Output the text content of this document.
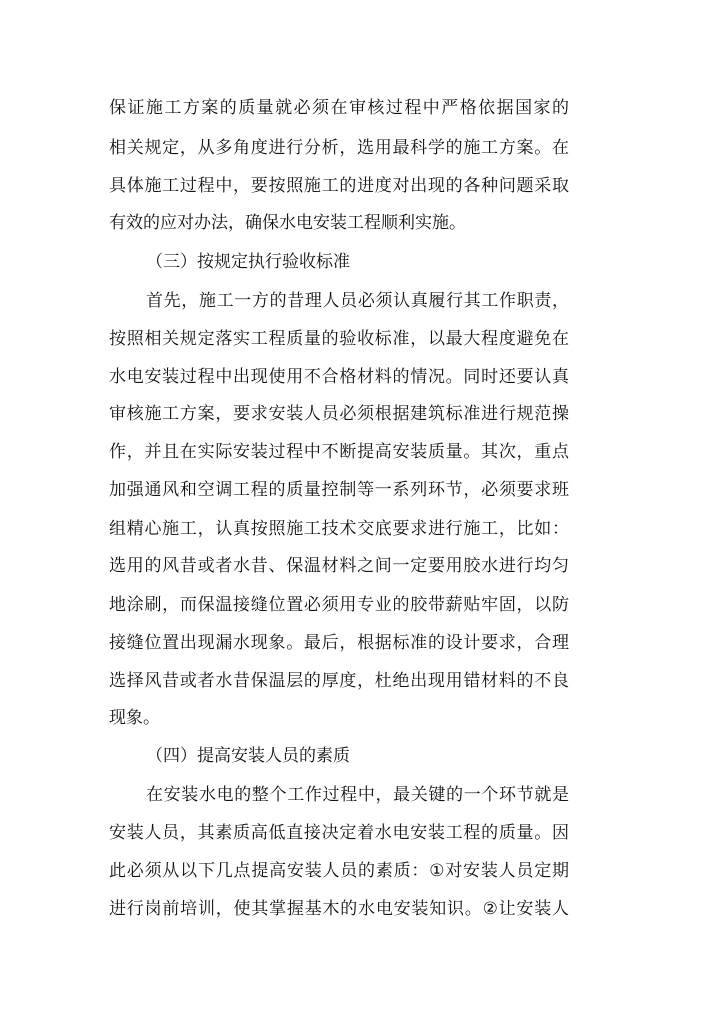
保证施工方案的质量就必须在审核过程中严格依据国家的
相关规定，从多角度进行分析，选用最科学的施工方案。在
具体施工过程中，要按照施工的进度对出现的各种问题采取
有效的应对办法，确保水电安装工程顺利实施。
（三）按规定执行验收标准
首先，施工一方的昔理人员必须认真履行其工作职责，
按照相关规定落实工程质量的验收标准，以最大程度避免在
水电安装过程中出现使用不合格材料的情况。同时还要认真
审核施工方案，要求安装人员必须根据建筑标准进行规范操
作，并且在实际安装过程中不断提高安装质量。其次，重点
加强通风和空调工程的质量控制等一系列环节，必须要求班
组精心施工，认真按照施工技术交底要求进行施工，比如：
选用的风昔或者水昔、保温材料之间一定要用胶水进行均匀
地涂刷，而保温接缝位置必须用专业的胶带薪贴牢固，以防
接缝位置出现漏水现象。最后，根据标准的设计要求，合理
选择风昔或者水昔保温层的厚度，杜绝出现用错材料的不良
现象。
（四）提高安装人员的素质
在安装水电的整个工作过程中，最关键的一个环节就是
安装人员，其素质高低直接决定着水电安装工程的质量。因
此必须从以下几点提高安装人员的素质：①对安装人员定期
进行岗前培训，使其掌握基木的水电安装知识。②让安装人
